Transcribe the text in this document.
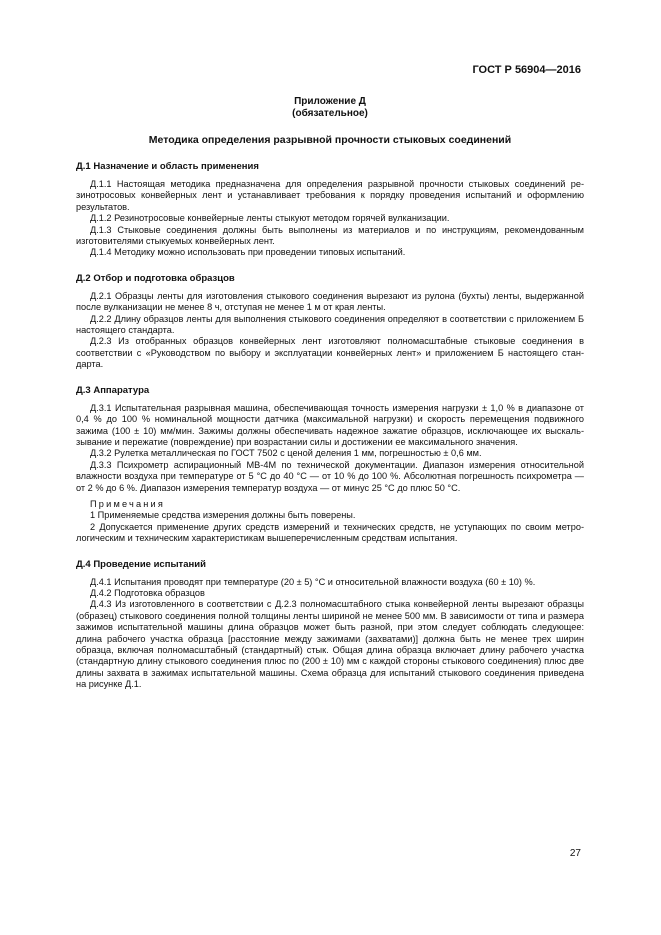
ГОСТ Р 56904—2016
Приложение Д
(обязательное)
Методика определения разрывной прочности стыковых соединений
Д.1 Назначение и область применения

Д.1.1 Настоящая методика предназначена для определения разрывной прочности стыковых соединений резинотросовых конвейерных лент и устанавливает требования к порядку проведения испытаний и оформлению результатов.

Д.1.2 Резинотросовые конвейерные ленты стыкуют методом горячей вулканизации.

Д.1.3 Стыковые соединения должны быть выполнены из материалов и по инструкциям, рекомендованным изготовителями стыкуемых конвейерных лент.

Д.1.4 Методику можно использовать при проведении типовых испытаний.

Д.2 Отбор и подготовка образцов

Д.2.1 Образцы ленты для изготовления стыкового соединения вырезают из рулона (бухты) ленты, выдержанной после вулканизации не менее 8 ч, отступая не менее 1 м от края ленты.

Д.2.2 Длину образцов ленты для выполнения стыкового соединения определяют в соответствии с приложением Б настоящего стандарта.

Д.2.3 Из отобранных образцов конвейерных лент изготовляют полномасштабные стыковые соединения в соответствии с «Руководством по выбору и эксплуатации конвейерных лент» и приложением Б настоящего стандарта.

Д.3 Аппаратура

Д.3.1 Испытательная разрывная машина, обеспечивающая точность измерения нагрузки ± 1,0 % в диапазоне от 0,4 % до 100 % номинальной мощности датчика (максимальной нагрузки) и скорость перемещения подвижного зажима (100 ± 10) мм/мин. Зажимы должны обеспечивать надежное зажатие образцов, исключающее их выскальзывание и пережатие (повреждение) при возрастании силы и достижении ее максимального значения.

Д.3.2 Рулетка металлическая по ГОСТ 7502 с ценой деления 1 мм, погрешностью ± 0,6 мм.

Д.3.3 Психрометр аспирационный МВ-4М по технической документации. Диапазон измерения относительной влажности воздуха при температуре от 5 °С до 40 °С — от 10 % до 100 %. Абсолютная погрешность психрометра — от 2 % до 6 %. Диапазон измерения температур воздуха — от минус 25 °С до плюс 50 °С.

Примечания

1 Применяемые средства измерения должны быть поверены.

2 Допускается применение других средств измерений и технических средств, не уступающих по своим метрологическим и техническим характеристикам вышеперечисленным средствам испытания.

Д.4 Проведение испытаний

Д.4.1 Испытания проводят при температуре (20 ± 5) °С и относительной влажности воздуха (60 ± 10) %.

Д.4.2 Подготовка образцов

Д.4.3 Из изготовленного в соответствии с Д.2.3 полномасштабного стыка конвейерной ленты вырезают образцы (образец) стыкового соединения полной толщины ленты шириной не менее 500 мм. В зависимости от типа и размера зажимов испытательной машины длина образцов может быть разной, при этом следует соблюдать следующее: длина рабочего участка образца [расстояние между зажимами (захватами)] должна быть не менее трех ширин образца, включая полномасштабный (стандартный) стык. Общая длина образца включает длину рабочего участка (стандартную длину стыкового соединения плюс по (200 ± 10) мм с каждой стороны стыкового соединения) плюс две длины захвата в зажимах испытательной машины. Схема образца для испытаний стыкового соединения приведена на рисунке Д.1.

27
